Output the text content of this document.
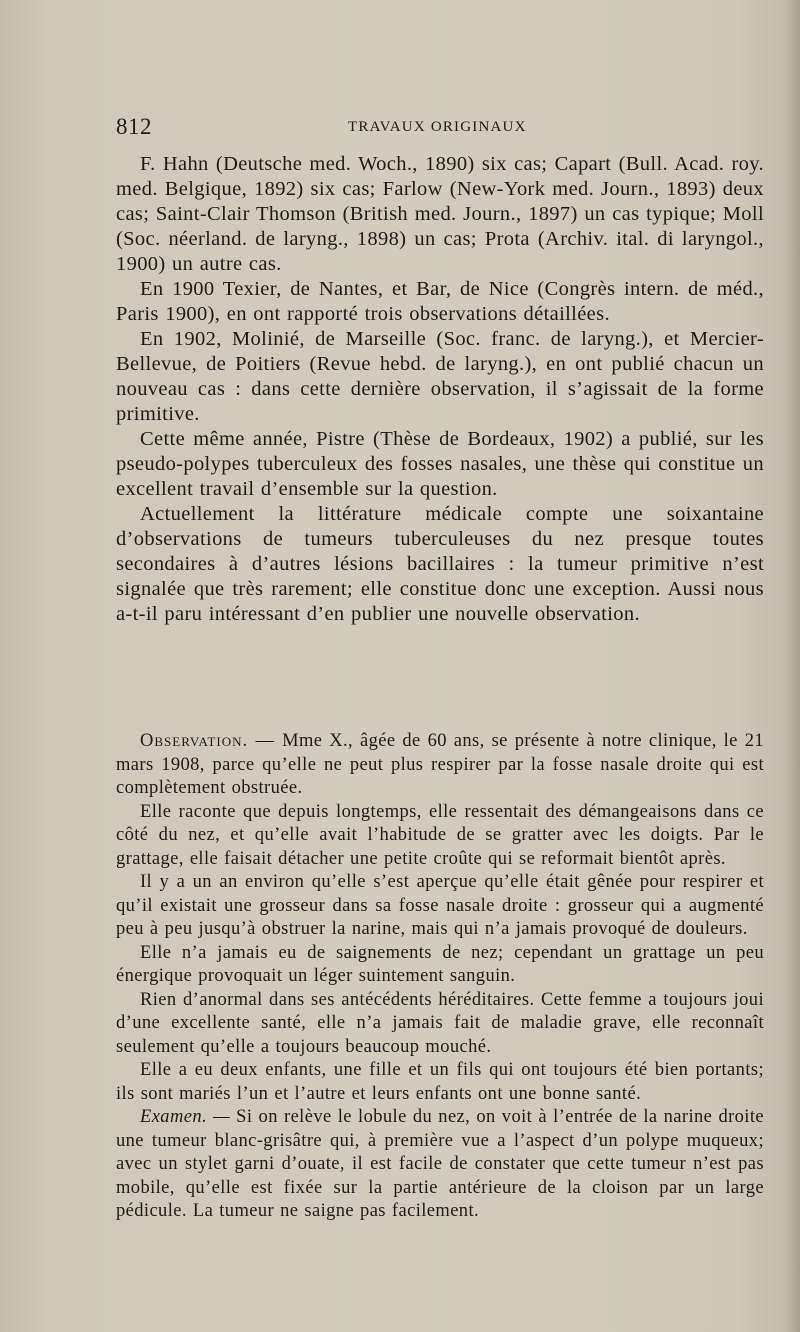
812	TRAVAUX ORIGINAUX

F. Hahn (Deutsche med. Woch., 1890) six cas; Capart (Bull. Acad. roy. med. Belgique, 1892) six cas; Farlow (New-York med. Journ., 1893) deux cas; Saint-Clair Thomson (British med. Journ., 1897) un cas typique; Moll (Soc. néerland. de laryng., 1898) un cas; Prota (Archiv. ital. di laryngol., 1900) un autre cas.

En 1900 Texier, de Nantes, et Bar, de Nice (Congrès intern. de méd., Paris 1900), en ont rapporté trois observations détaillées.

En 1902, Molinié, de Marseille (Soc. franc. de laryng.), et Mercier-Bellevue, de Poitiers (Revue hebd. de laryng.), en ont publié chacun un nouveau cas : dans cette dernière observation, il s’agissait de la forme primitive.

Cette même année, Pistre (Thèse de Bordeaux, 1902) a publié, sur les pseudo-polypes tuberculeux des fosses nasales, une thèse qui constitue un excellent travail d’ensemble sur la question.

Actuellement la littérature médicale compte une soixantaine d’observations de tumeurs tuberculeuses du nez presque toutes secondaires à d’autres lésions bacillaires : la tumeur primitive n’est signalée que très rarement; elle constitue donc une exception. Aussi nous a-t-il paru intéressant d’en publier une nouvelle observation.

Observation. — Mme X., âgée de 60 ans, se présente à notre clinique, le 21 mars 1908, parce qu’elle ne peut plus respirer par la fosse nasale droite qui est complètement obstruée.

Elle raconte que depuis longtemps, elle ressentait des démangeaisons dans ce côté du nez, et qu’elle avait l’habitude de se gratter avec les doigts. Par le grattage, elle faisait détacher une petite croûte qui se reformait bientôt après.

Il y a un an environ qu’elle s’est aperçue qu’elle était gênée pour respirer et qu’il existait une grosseur dans sa fosse nasale droite : grosseur qui a augmenté peu à peu jusqu’à obstruer la narine, mais qui n’a jamais provoqué de douleurs.

Elle n’a jamais eu de saignements de nez; cependant un grattage un peu énergique provoquait un léger suintement sanguin.

Rien d’anormal dans ses antécédents héréditaires. Cette femme a toujours joui d’une excellente santé, elle n’a jamais fait de maladie grave, elle reconnaît seulement qu’elle a toujours beaucoup mouché.

Elle a eu deux enfants, une fille et un fils qui ont toujours été bien portants; ils sont mariés l’un et l’autre et leurs enfants ont une bonne santé.

Examen. — Si on relève le lobule du nez, on voit à l’entrée de la narine droite une tumeur blanc-grisâtre qui, à première vue a l’aspect d’un polype muqueux; avec un stylet garni d’ouate, il est facile de constater que cette tumeur n’est pas mobile, qu’elle est fixée sur la partie antérieure de la cloison par un large pédicule. La tumeur ne saigne pas facilement.
